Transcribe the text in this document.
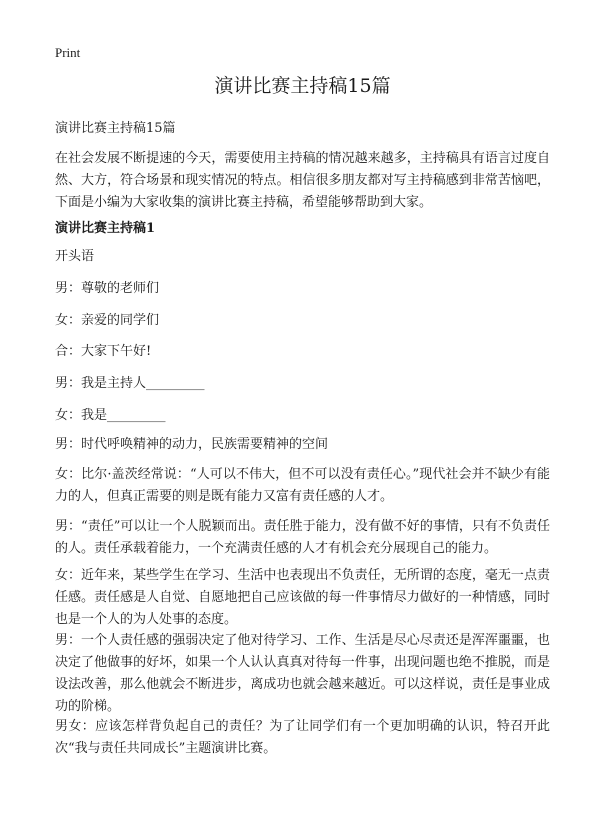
Print
演讲比赛主持稿15篇

演讲比赛主持稿15篇

在社会发展不断提速的今天，需要使用主持稿的情况越来越多，主持稿具有语言过度自然、大方，符合场景和现实情况的特点。相信很多朋友都对写主持稿感到非常苦恼吧，下面是小编为大家收集的演讲比赛主持稿，希望能够帮助到大家。

演讲比赛主持稿1

开头语

男：尊敬的老师们

女：亲爱的同学们

合：大家下午好!

男：我是主持人_________

女：我是_________

男：时代呼唤精神的动力，民族需要精神的空间

女：比尔·盖茨经常说：“人可以不伟大，但不可以没有责任心。”现代社会并不缺少有能力的人，但真正需要的则是既有能力又富有责任感的人才。

男：“责任”可以让一个人脱颖而出。责任胜于能力，没有做不好的事情，只有不负责任的人。责任承载着能力，一个充满责任感的人才有机会充分展现自己的能力。

女：近年来，某些学生在学习、生活中也表现出不负责任，无所谓的态度，毫无一点责任感。责任感是人自觉、自愿地把自己应该做的每一件事情尽力做好的一种情感，同时也是一个人的为人处事的态度。

男：一个人责任感的强弱决定了他对待学习、工作、生活是尽心尽责还是浑浑噩噩，也决定了他做事的好坏，如果一个人认认真真对待每一件事，出现问题也绝不推脱，而是设法改善，那么他就会不断进步，离成功也就会越来越近。可以这样说，责任是事业成功的阶梯。

男女：应该怎样背负起自己的责任？为了让同学们有一个更加明确的认识，特召开此次“我与责任共同成长”主题演讲比赛。
